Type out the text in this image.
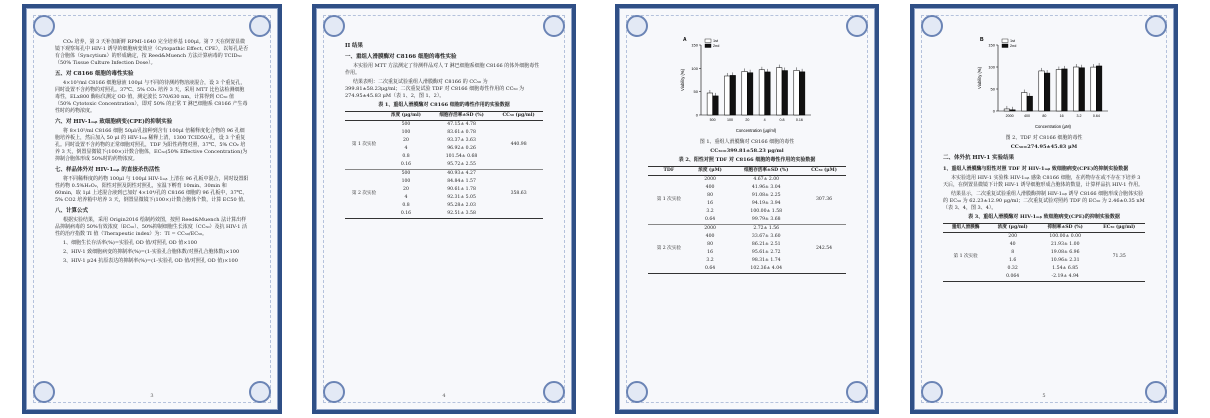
CO₂ 培养，第 3 天补加新鲜 RPMI-1640 完全培养基 100μl。第 7 天在倒置显微镜下观察每孔中 HIV-1 诱导的细胞病变效应（Cytopathic Effect, CPE），以每孔是否有合胞体（Syncytium）的形成确定，按 Reed&Muench 方法计算病毒的 TCID₅₀（50% Tissue Culture Infection Dose）。

五、对 C8166 细胞的毒性实验

4×10⁵/ml C8166 细胞悬液 100μl 与不同的待测药物溶液混合，设 3 个重复孔，同时设置不含药物的对照孔。37℃、5% CO₂ 培养 3 天，采用 MTT 比色法检测细胞毒性，ELx800 酶标仪测定 OD 值，测定波长 570/630 nm，计算得到 CC₅₀ 值（50% Cytotoxic Concentration），即对 50% 的正常 T 淋巴细胞系 C8166 产生毒性时的药物浓度。

六、对 HIV-1ₘᵦ 致细胞病变(CPE)的抑制实验

将 8×10⁵/ml C8166 细胞 50μl/孔接种到含有 100μl 倍稀释度化合物的 96 孔细胞培养板上，然后加入 50 μl 的 HIV-1ₘᵦ 稀释上清，1300 TCID50/孔，设 3 个重复孔。同时设置不含药物的正常细胞对照孔，TDF 为阳性药物对照，37℃、5% CO₂ 培养 3 天，倒置显微镜下(100×)计数合胞体，EC₅₀(50% Effective Concentration)为抑制合胞体形成 50%时的药物浓度。

七、样品体外对 HIV-1ₘᵦ 的直接杀伤活性

将不同稀释度的药物 100μl 与 100μl HIV-1ₘᵦ 上清在 96 孔板中混合，同时设置阳性药物 0.5%H₂O₂，阳性对照及阴性对照孔，室温下孵育 10min、30min 和 60min，取 1μl 上述混合液到已加好 4×10⁴/孔的 C8166 细胞的 96 孔板中，37℃、5% CO2 培养箱中培养 3 天，倒置显微镜下(100×)计数合胞体个数，计算 EC50 值。

八、计算公式

根据实验结果，采用 Origin2016 绘制药效图，按照 Reed&Muench 法计算出样品抑制病毒的 50%有效浓度（EC₅₀）、50%抑制细胞生长浓度（CC₅₀）及抗 HIV-1 活性的治疗指数 TI 值（Therapeutic index）为：TI = CC₅₀/EC₅₀。

1、细胞生长存活率(%)=实验孔 OD 值/对照孔 OD 值×100

2、HIV-1 致细胞病变的抑制率(%)=(1-实验孔合胞体数/对照孔合胞体数)×100

3、HIV-1 p24 抗原表达的抑制率(%)=(1-实验孔 OD 值/对照孔 OD 值)×100

3
II 结果
一、重组人滑膜酶对 C8166 细胞的毒性实验

本实验用 MTT 方法测定了待测样品对人 T 淋巴细胞系细胞 C8166 的体外细胞毒性作用。

结果表明：二次重复试验重组人滑膜酶对 C8166 的 CC₅₀ 为 399.81±58.23μg/ml；二次重复试验 TDF 对 C8166 细胞毒性作用的 CC₅₀ 为 274.95±45.83 μM（表 1、2，图 1、2）。

表 1、重组人滑膜酶对 C8166 细胞的毒性作用的实验数据
	浓度 (μg/ml)	细胞存活率±SD (%)	CC₅₀ (μg/ml)
第 1 次实验	500	47.15± 4.78	440.98
	100	83.61± 0.78	
	20	93.37± 3.63	
	4	96.92± 0.26	
	0.8	101.54± 0.68	
	0.16	95.72± 2.55	
第 2 次实验	500	40.93± 4.27	358.63
	100	84.84± 1.57	
	20	90.61± 1.78	
	4	92.31± 5.05	
	0.8	95.28± 2.03	
	0.16	92.51± 3.58	
4
A
0
50
100
150
500	100	20	4	0.8	0.16
Concentration (μg/ml)
Viability (%)
1st
2nd
图 1、重组人滑膜酶对 C8166 细胞的毒性
CC₅₀=399.81±58.23 μg/ml
表 2、阳性对照 TDF 对 C8166 细胞的毒性作用的实验数据
TDF	浓度 (μM)	细胞存活率±SD (%)	CC₅₀ (μM)
第 1 次实验	2000	4.67± 2.00	307.36
	400	41.96± 3.04	
	80	91.08± 2.25	
	16	94.19± 3.94	
	3.2	100.00± 1.58	
	0.64	99.79± 3.68	
第 2 次实验	2000	2.72± 1.56	242.54
	400	33.67± 3.60	
	80	86.21± 2.51	
	16	95.61± 2.72	
	3.2	98.31± 1.74	
	0.64	102.36± 4.04	
B
0
50
100
150
2000	400	80	16	3.2	0.64
Concentration (μM)
Viability (%)
1st
2nd
图 2、TDF 对 C8166 细胞的毒性
CC₅₀=274.95±45.83 μM
二、体外抗 HIV-1 实验结果
1、重组人滑膜酶与阳性对照 TDF 对 HIV-1ₘᵦ 致细胞病变(CPE)的抑制实验数据

本实验选用 HIV-1 实验株 HIV-1ₘᵦ 感染 C8166 细胞，在药物存在或不存在下培养 3 天后，在倒置显微镜下计数 HIV-1 诱导细胞形成合胞体的数量，计算样品抗 HIV-1 作用。

结果显示，二次重复试验重组人滑膜酶抑制 HIV-1ₘᵦ 诱导 C8166 细胞形成合胞体实验的 EC₅₀ 为 62.23±12.90 μg/ml；二次重复试验对照药 TDF 的 EC₅₀ 为 2.46±0.35 nM（表 3、4，图 3、4）。

表 3、重组人滑膜酶对 HIV-1ₘᵦ 致细胞病变(CPE)的抑制实验数据
重组人滑膜酶	浓度 (μg/ml)	抑制率±SD (%)	EC₅₀ (μg/ml)
第 1 次实验	200	100.00± 0.00	71.35
	40	21.93± 1.00	
	8	19.08± 6.96	
	1.6	10.96± 2.31	
	0.32	1.54± 6.85	
	0.064	-2.19± 4.94	
5
